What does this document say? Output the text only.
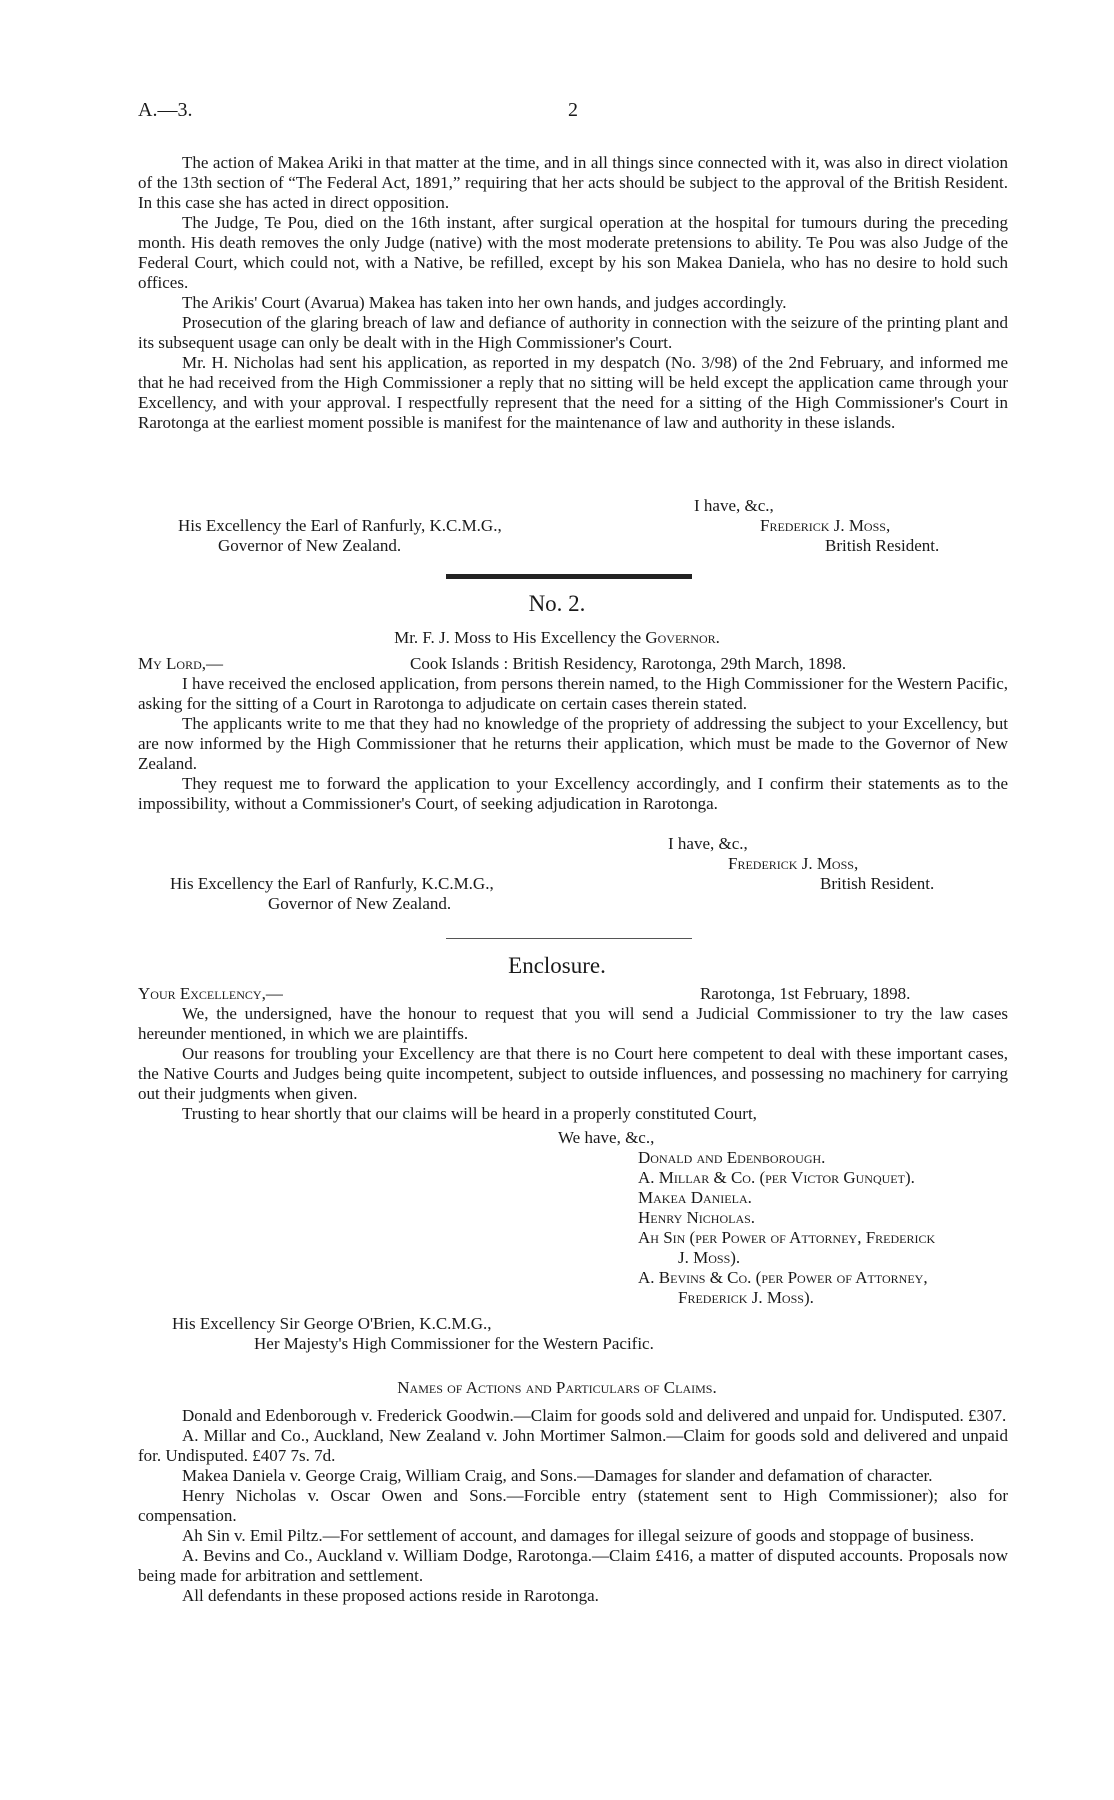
A.—3.	2

The action of Makea Ariki in that matter at the time, and in all things since connected with it, was also in direct violation of the 13th section of “The Federal Act, 1891,” requiring that her acts should be subject to the approval of the British Resident. In this case she has acted in direct opposition.

The Judge, Te Pou, died on the 16th instant, after surgical operation at the hospital for tumours during the preceding month. His death removes the only Judge (native) with the most moderate pretensions to ability. Te Pou was also Judge of the Federal Court, which could not, with a Native, be refilled, except by his son Makea Daniela, who has no desire to hold such offices.

The Arikis' Court (Avarua) Makea has taken into her own hands, and judges accordingly.

Prosecution of the glaring breach of law and defiance of authority in connection with the seizure of the printing plant and its subsequent usage can only be dealt with in the High Commissioner's Court.

Mr. H. Nicholas had sent his application, as reported in my despatch (No. 3/98) of the 2nd February, and informed me that he had received from the High Commissioner a reply that no sitting will be held except the application came through your Excellency, and with your approval. I respectfully represent that the need for a sitting of the High Commissioner's Court in Rarotonga at the earliest moment possible is manifest for the maintenance of law and authority in these islands.

I have, &c.,

His Excellency the Earl of Ranfurly, K.C.M.G.,

Governor of New Zealand.

Frederick J. Moss,

British Resident.

No. 2.

Mr. F. J. Moss to His Excellency the Governor.

My Lord,—	Cook Islands : British Residency, Rarotonga, 29th March, 1898.

I have received the enclosed application, from persons therein named, to the High Commissioner for the Western Pacific, asking for the sitting of a Court in Rarotonga to adjudicate on certain cases therein stated.

The applicants write to me that they had no knowledge of the propriety of addressing the subject to your Excellency, but are now informed by the High Commissioner that he returns their application, which must be made to the Governor of New Zealand.

They request me to forward the application to your Excellency accordingly, and I confirm their statements as to the impossibility, without a Commissioner's Court, of seeking adjudication in Rarotonga.

I have, &c.,

Frederick J. Moss,

British Resident.

His Excellency the Earl of Ranfurly, K.C.M.G.,

Governor of New Zealand.

Enclosure.

Your Excellency,—	Rarotonga, 1st February, 1898.

We, the undersigned, have the honour to request that you will send a Judicial Commissioner to try the law cases hereunder mentioned, in which we are plaintiffs.

Our reasons for troubling your Excellency are that there is no Court here competent to deal with these important cases, the Native Courts and Judges being quite incompetent, subject to outside influences, and possessing no machinery for carrying out their judgments when given.

Trusting to hear shortly that our claims will be heard in a properly constituted Court,

We have, &c.,

Donald and Edenborough.

A. Millar & Co. (per Victor Gunquet).

Makea Daniela.

Henry Nicholas.

Ah Sin (per Power of Attorney, Frederick

J. Moss).

A. Bevins & Co. (per Power of Attorney,

Frederick J. Moss).

His Excellency Sir George O'Brien, K.C.M.G.,

Her Majesty's High Commissioner for the Western Pacific.

Names of Actions and Particulars of Claims.

Donald and Edenborough v. Frederick Goodwin.—Claim for goods sold and delivered and unpaid for. Undisputed. £307.

A. Millar and Co., Auckland, New Zealand v. John Mortimer Salmon.—Claim for goods sold and delivered and unpaid for. Undisputed. £407 7s. 7d.

Makea Daniela v. George Craig, William Craig, and Sons.—Damages for slander and defamation of character.

Henry Nicholas v. Oscar Owen and Sons.—Forcible entry (statement sent to High Commissioner); also for compensation.

Ah Sin v. Emil Piltz.—For settlement of account, and damages for illegal seizure of goods and stoppage of business.

A. Bevins and Co., Auckland v. William Dodge, Rarotonga.—Claim £416, a matter of disputed accounts. Proposals now being made for arbitration and settlement.

All defendants in these proposed actions reside in Rarotonga.
